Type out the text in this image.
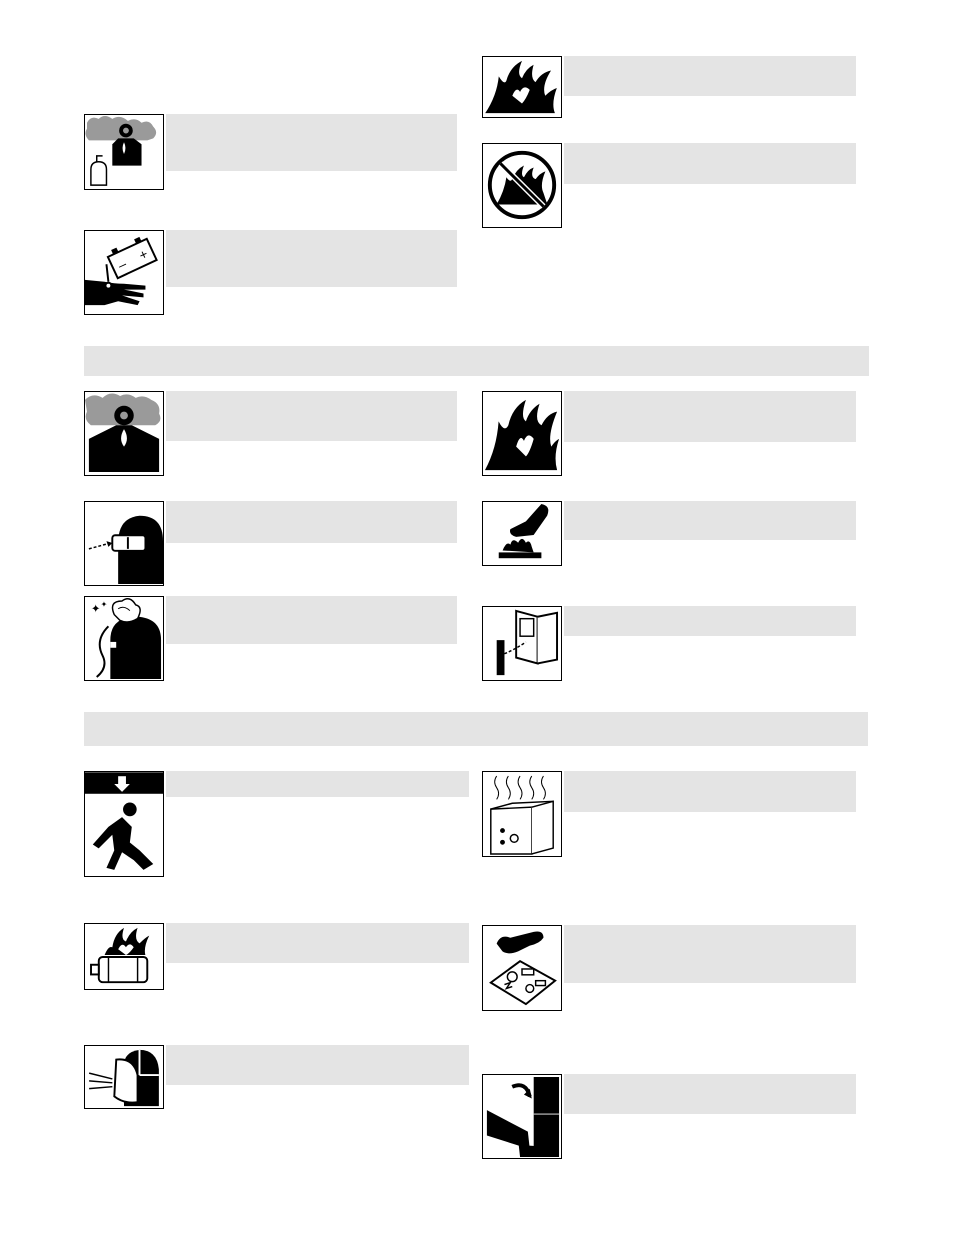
–
+
✦ ✦
